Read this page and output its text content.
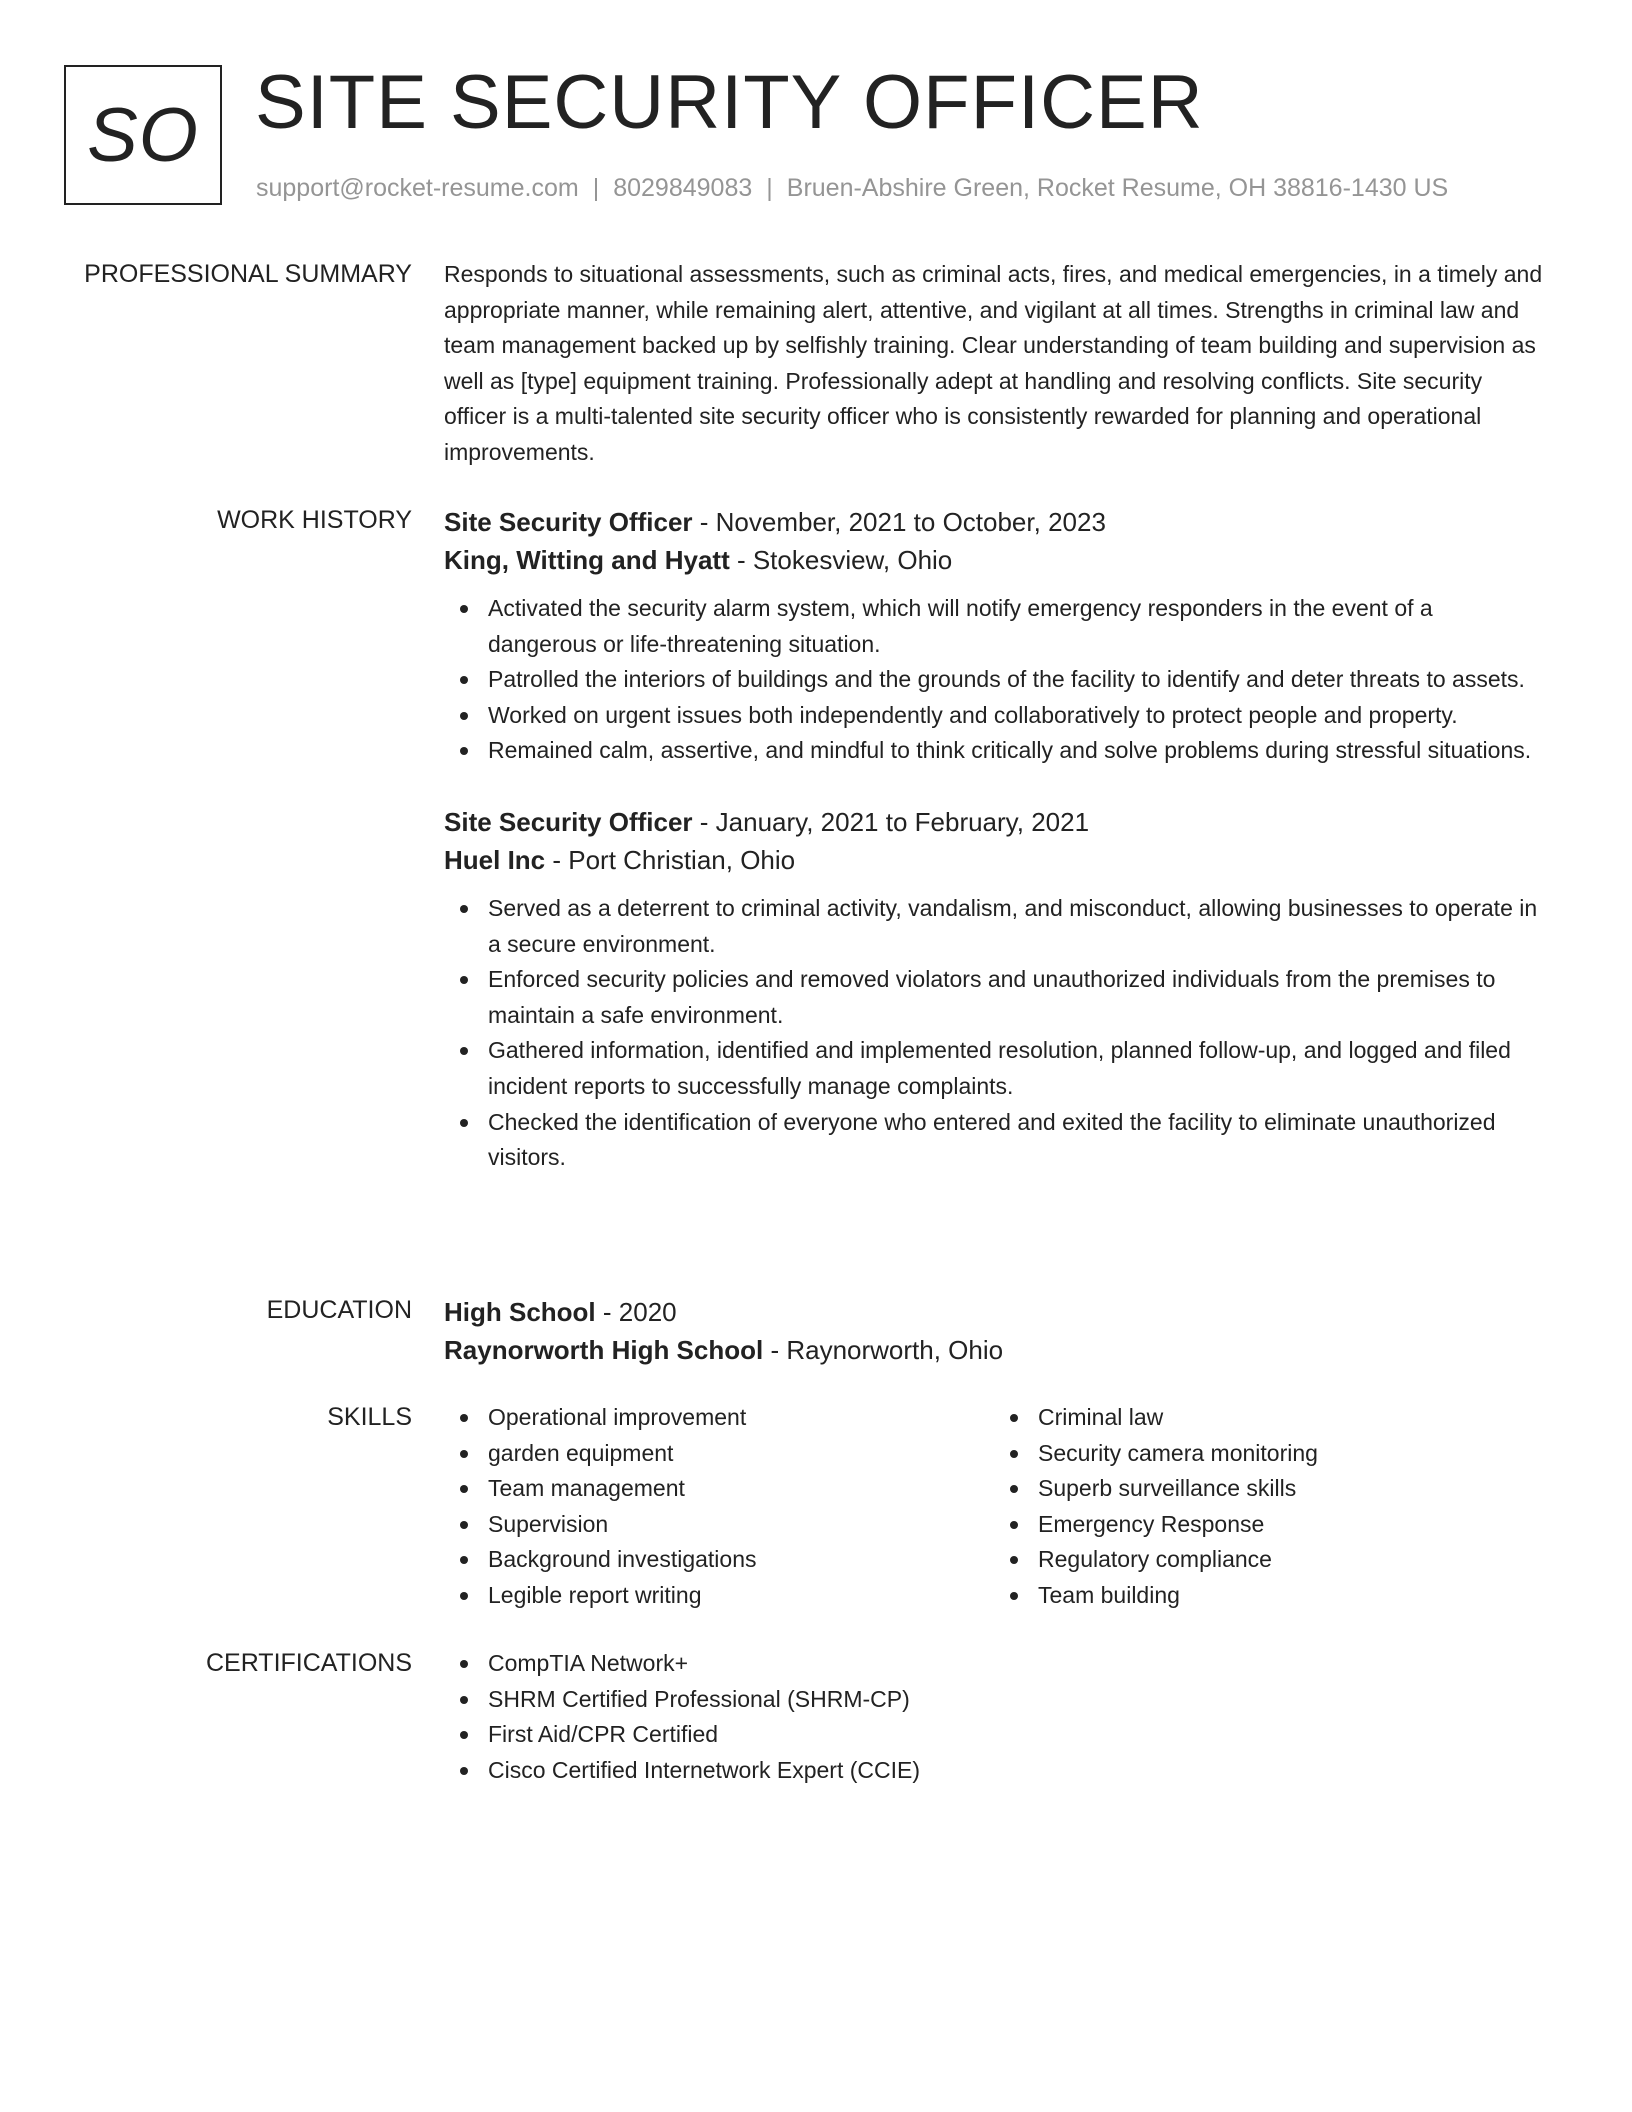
SO SITE SECURITY OFFICER
support@rocket-resume.com | 8029849083 | Bruen-Abshire Green, Rocket Resume, OH 38816-1430 US
PROFESSIONAL SUMMARY Responds to situational assessments, such as criminal acts, fires, and medical emergencies, in a timely and appropriate manner, while remaining alert, attentive, and vigilant at all times. Strengths in criminal law and team management backed up by selfishly training. Clear understanding of team building and supervision as well as [type] equipment training. Professionally adept at handling and resolving conflicts. Site security officer is a multi-talented site security officer who is consistently rewarded for planning and operational improvements.
WORK HISTORY Site Security Officer - November, 2021 to October, 2023

King, Witting and Hyatt - Stokesview, Ohio

Activated the security alarm system, which will notify emergency responders in the event of a dangerous or life-threatening situation.
Patrolled the interiors of buildings and the grounds of the facility to identify and deter threats to assets.
Worked on urgent issues both independently and collaboratively to protect people and property.
Remained calm, assertive, and mindful to think critically and solve problems during stressful situations.

Site Security Officer - January, 2021 to February, 2021

Huel Inc - Port Christian, Ohio

Served as a deterrent to criminal activity, vandalism, and misconduct, allowing businesses to operate in a secure environment.
Enforced security policies and removed violators and unauthorized individuals from the premises to maintain a safe environment.
Gathered information, identified and implemented resolution, planned follow-up, and logged and filed incident reports to successfully manage complaints.
Checked the identification of everyone who entered and exited the facility to eliminate unauthorized visitors.
EDUCATION High School - 2020

Raynorworth High School - Raynorworth, Ohio

SKILLS	Operational improvement
garden equipment
Team management
Supervision
Background investigations
Legible report writing
Criminal law
Security camera monitoring
Superb surveillance skills
Emergency Response
Regulatory compliance
Team building
CERTIFICATIONS	CompTIA Network+
SHRM Certified Professional (SHRM-CP)
First Aid/CPR Certified
Cisco Certified Internetwork Expert (CCIE)
